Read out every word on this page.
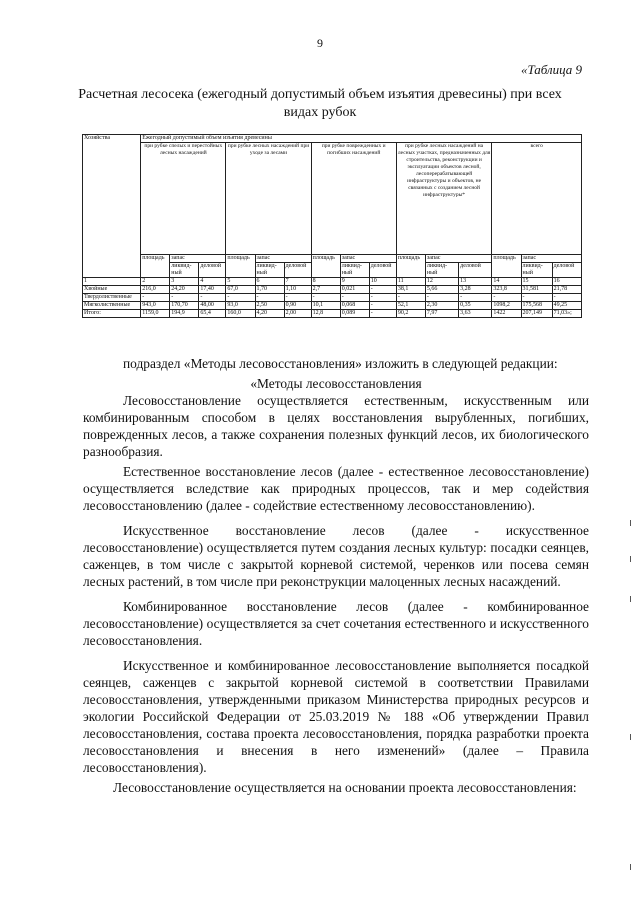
9
«Таблица 9
Расчетная лесосека (ежегодный допустимый объем изъятия древесины) при всех видах рубок
Хозяйства	Ежегодный допустимый объем изъятия древесины														
	при рубке спелых и перестойных лесных насаждений			при рубке лесных насаждений при уходе за лесами			при рубке поврежденных и погибших насаждений			при рубке лесных насаждений на лесных участках, предназначенных для строительства, реконструкции и эксплуатации объектов лесной, лесоперерабатывающей инфраструктуры и объектов, не связанных с созданием лесной инфраструктуры*			всего		
	площадь	запас		площадь	запас		площадь	запас		площадь	запас		площадь	запас	
		ликвид-ный	деловой		ликвид-ный	деловой		ликвид-ный	деловой		ликвид-ный	деловой		ликвид-ный	деловой
1	2	3	4	5	6	7	8	9	10	11	12	13	14	15	16
Хвойные	216,0	24,20	17,40	67,0	1,70	1,10	2,7	0,021	-	38,1	5,66	3,28	323,8	31,581	21,78
Твердолиственные	-	-	-	-	-	-	-	-	-	-	-	-	-	-	-
Мягколиственные	943,0	170,70	48,00	93,0	2,50	0,90	10,1	0,068	-	52,1	2,30	0,35	1098,2	175,568	49,25
Итого:	1159,0	194,9	65,4	160,0	4,20	2,00	12,8	0,089	-	90,2	7,97	3,63	1422	207,149	71,03»;

подраздел «Методы лесовосстановления» изложить в следующей редакции:

«Методы лесовосстановления

Лесовосстановление осуществляется естественным, искусственным или комбинированным способом в целях восстановления вырубленных, погибших, поврежденных лесов, а также сохранения полезных функций лесов, их биологического разнообразия.

Естественное восстановление лесов (далее - естественное лесовосстановление) осуществляется вследствие как природных процессов, так и мер содействия лесовосстановлению (далее - содействие естественному лесовосстановлению).

Искусственное восстановление лесов (далее - искусственное лесовосстановление) осуществляется путем создания лесных культур: посадки сеянцев, саженцев, в том числе с закрытой корневой системой, черенков или посева семян лесных растений, в том числе при реконструкции малоценных лесных насаждений.

Комбинированное восстановление лесов (далее - комбинированное лесовосстановление) осуществляется за счет сочетания естественного и искусственного лесовосстановления.

Искусственное и комбинированное лесовосстановление выполняется посадкой сеянцев, саженцев с закрытой корневой системой в соответствии Правилами лесовосстановления, утвержденными приказом Министерства природных ресурсов и экологии Российской Федерации от 25.03.2019 № 188 «Об утверждении Правил лесовосстановления, состава проекта лесовосстановления, порядка разработки проекта лесовосстановления и внесения в него изменений» (далее – Правила лесовосстановления).

Лесовосстановление осуществляется на основании проекта лесовосстановления:
